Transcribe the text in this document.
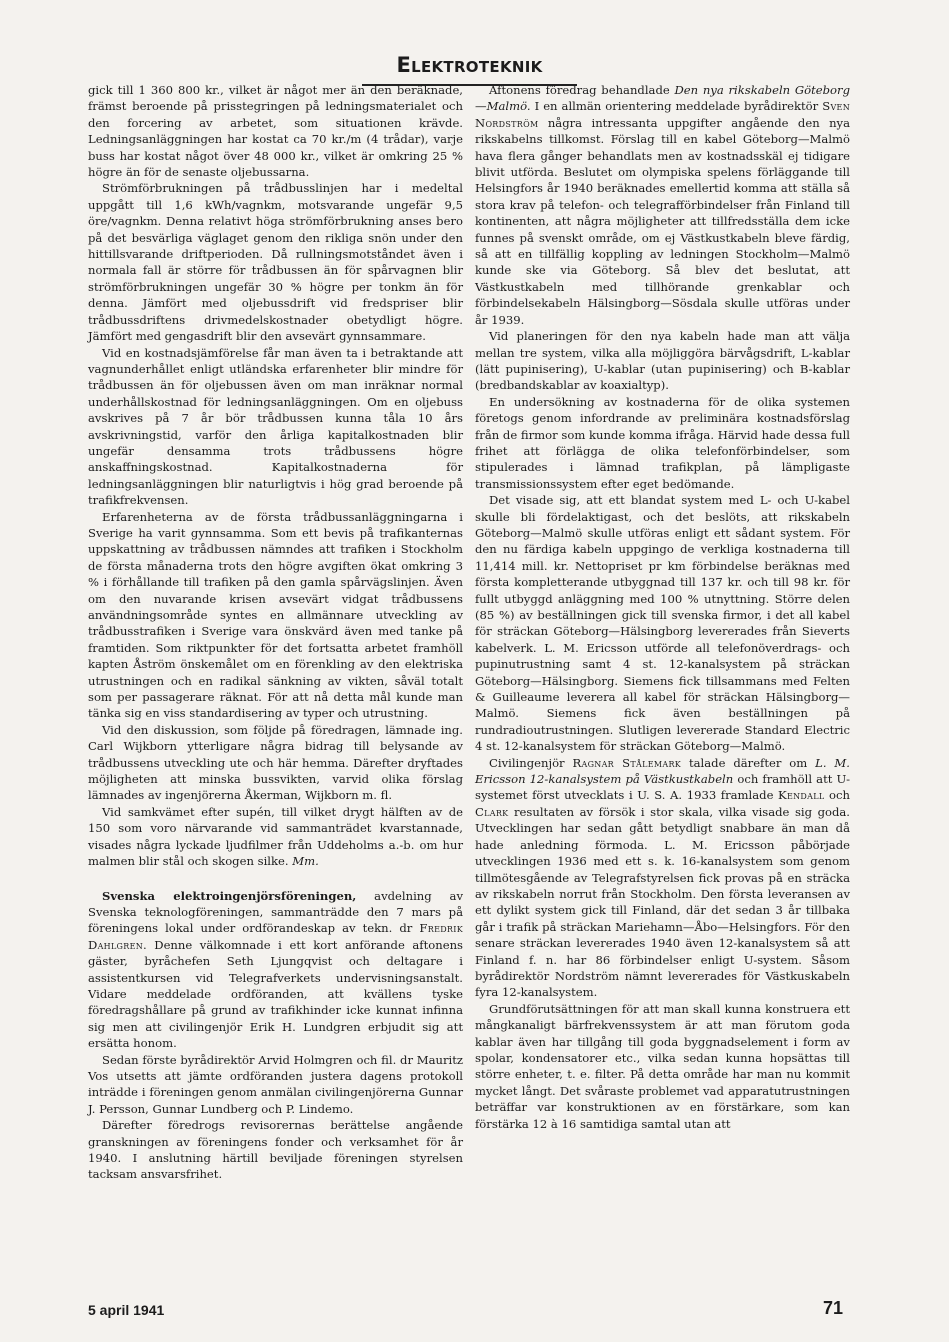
Elektroteknik

gick till 1 360 800 kr., vilket är något mer än den beräknade, främst beroende på prisstegringen på ledningsmaterialet och den forcering av arbetet, som situationen krävde. Ledningsanläggningen har kostat ca 70 kr./m (4 trådar), varje buss har kostat något över 48 000 kr., vilket är omkring 25 % högre än för de senaste oljebussarna.

Strömförbrukningen på trådbusslinjen har i medeltal uppgått till 1,6 kWh/vagnkm, motsvarande ungefär 9,5 öre/vagnkm. Denna relativt höga strömförbrukning anses bero på det besvärliga väglaget genom den rikliga snön under den hittillsvarande driftperioden. Då rullningsmotståndet även i normala fall är större för trådbussen än för spårvagnen blir strömförbrukningen ungefär 30 % högre per tonkm än för denna. Jämfört med oljebussdrift vid fredspriser blir trådbussdriftens drivmedelskostnader obetydligt högre. Jämfört med gengasdrift blir den avsevärt gynnsammare.

Vid en kostnadsjämförelse får man även ta i betraktande att vagnunderhållet enligt utländska erfarenheter blir mindre för trådbussen än för oljebussen även om man inräknar normal underhållskostnad för ledningsanläggningen. Om en oljebuss avskrives på 7 år bör trådbussen kunna tåla 10 års avskrivningstid, varför den årliga kapitalkostnaden blir ungefär densamma trots trådbussens högre anskaffningskostnad. Kapitalkostnaderna för ledningsanläggningen blir naturligtvis i hög grad beroende på trafikfrekvensen.

Erfarenheterna av de första trådbussanläggningarna i Sverige ha varit gynnsamma. Som ett bevis på trafikanternas uppskattning av trådbussen nämndes att trafiken i Stockholm de första månaderna trots den högre avgiften ökat omkring 3 % i förhållande till trafiken på den gamla spårvägslinjen. Även om den nuvarande krisen avsevärt vidgat trådbussens användningsområde syntes en allmännare utveckling av trådbusstrafiken i Sverige vara önskvärd även med tanke på framtiden. Som riktpunkter för det fortsatta arbetet framhöll kapten Åström önskemålet om en förenkling av den elektriska utrustningen och en radikal sänkning av vikten, såväl totalt som per passagerare räknat. För att nå detta mål kunde man tänka sig en viss standardisering av typer och utrustning.

Vid den diskussion, som följde på föredragen, lämnade ing. Carl Wijkborn ytterligare några bidrag till belysande av trådbussens utveckling ute och här hemma. Därefter dryftades möjligheten att minska bussvikten, varvid olika förslag lämnades av ingenjörerna Åkerman, Wijkborn m. fl.

Vid samkvämet efter supén, till vilket drygt hälften av de 150 som voro närvarande vid sammanträdet kvarstannade, visades några lyckade ljudfilmer från Uddeholms a.-b. om hur malmen blir stål och skogen silke. Mm.

Svenska elektroingenjörsföreningen, avdelning av Svenska teknologföreningen, sammanträdde den 7 mars på föreningens lokal under ordförandeskap av tekn. dr Fredrik Dahlgren. Denne välkomnade i ett kort anförande aftonens gäster, byråchefen Seth Ljungqvist och deltagare i assistentkursen vid Telegrafverkets undervisningsanstalt. Vidare meddelade ordföranden, att kvällens tyske föredragshållare på grund av trafikhinder icke kunnat infinna sig men att civilingenjör Erik H. Lundgren erbjudit sig att ersätta honom.

Sedan förste byrådirektör Arvid Holmgren och fil. dr Mauritz Vos utsetts att jämte ordföranden justera dagens protokoll inträdde i föreningen genom anmälan civilingenjörerna Gunnar J. Persson, Gunnar Lundberg och P. Lindemo.

Därefter föredrogs revisorernas berättelse angående granskningen av föreningens fonder och verksamhet för år 1940. I anslutning härtill beviljade föreningen styrelsen tacksam ansvarsfrihet.

Aftonens föredrag behandlade Den nya rikskabeln Göteborg—Malmö. I en allmän orientering meddelade byrådirektör Sven Nordström några intressanta uppgifter angående den nya rikskabelns tillkomst. Förslag till en kabel Göteborg—Malmö hava flera gånger behandlats men av kostnadsskäl ej tidigare blivit utförda. Beslutet om olympiska spelens förläggande till Helsingfors år 1940 beräknades emellertid komma att ställa så stora krav på telefon- och telegrafförbindelser från Finland till kontinenten, att några möjligheter att tillfredsställa dem icke funnes på svenskt område, om ej Västkustkabeln bleve färdig, så att en tillfällig koppling av ledningen Stockholm—Malmö kunde ske via Göteborg. Så blev det beslutat, att Västkustkabeln med tillhörande grenkablar och förbindelsekabeln Hälsingborg—Sösdala skulle utföras under år 1939.

Vid planeringen för den nya kabeln hade man att välja mellan tre system, vilka alla möjliggöra bärvågsdrift, L-kablar (lätt pupinisering), U-kablar (utan pupinisering) och B-kablar (bredbandskablar av koaxialtyp).

En undersökning av kostnaderna för de olika systemen företogs genom infordrande av preliminära kostnadsförslag från de firmor som kunde komma ifråga. Härvid hade dessa full frihet att förlägga de olika telefonförbindelser, som stipulerades i lämnad trafikplan, på lämpligaste transmissionssystem efter eget bedömande.

Det visade sig, att ett blandat system med L- och U-kabel skulle bli fördelaktigast, och det beslöts, att rikskabeln Göteborg—Malmö skulle utföras enligt ett sådant system. För den nu färdiga kabeln uppgingo de verkliga kostnaderna till 11,414 mill. kr. Nettopriset pr km förbindelse beräknas med första kompletterande utbyggnad till 137 kr. och till 98 kr. för fullt utbyggd anläggning med 100 % utnyttning. Större delen (85 %) av beställningen gick till svenska firmor, i det all kabel för sträckan Göteborg—Hälsingborg levererades från Sieverts kabelverk. L. M. Ericsson utförde all telefonöverdrags- och pupinutrustning samt 4 st. 12-kanalsystem på sträckan Göteborg—Hälsingborg. Siemens fick tillsammans med Felten & Guilleaume leverera all kabel för sträckan Hälsingborg—Malmö. Siemens fick även beställningen på rundradioutrustningen. Slutligen levererade Standard Electric 4 st. 12-kanalsystem för sträckan Göteborg—Malmö.

Civilingenjör Ragnar Stålemark talade därefter om L. M. Ericsson 12-kanalsystem på Västkustkabeln och framhöll att U-systemet först utvecklats i U. S. A. 1933 framlade Kendall och Clark resultaten av försök i stor skala, vilka visade sig goda. Utvecklingen har sedan gått betydligt snabbare än man då hade anledning förmoda. L. M. Ericsson påbörjade utvecklingen 1936 med ett s. k. 16-kanalsystem som genom tillmötesgående av Telegrafstyrelsen fick provas på en sträcka av rikskabeln norrut från Stockholm. Den första leveransen av ett dylikt system gick till Finland, där det sedan 3 år tillbaka går i trafik på sträckan Mariehamn—Åbo—Helsingfors. För den senare sträckan levererades 1940 även 12-kanalsystem så att Finland f. n. har 86 förbindelser enligt U-system. Såsom byrådirektör Nordström nämnt levererades för Västkuskabeln fyra 12-kanalsystem.

Grundförutsättningen för att man skall kunna konstruera ett mångkanaligt bärfrekvenssystem är att man förutom goda kablar även har tillgång till goda byggnadselement i form av spolar, kondensatorer etc., vilka sedan kunna hopsättas till större enheter, t. e. filter. På detta område har man nu kommit mycket långt. Det svåraste problemet vad apparatutrustningen beträffar var konstruktionen av en förstärkare, som kan förstärka 12 à 16 samtidiga samtal utan att

5 april 1941	71
